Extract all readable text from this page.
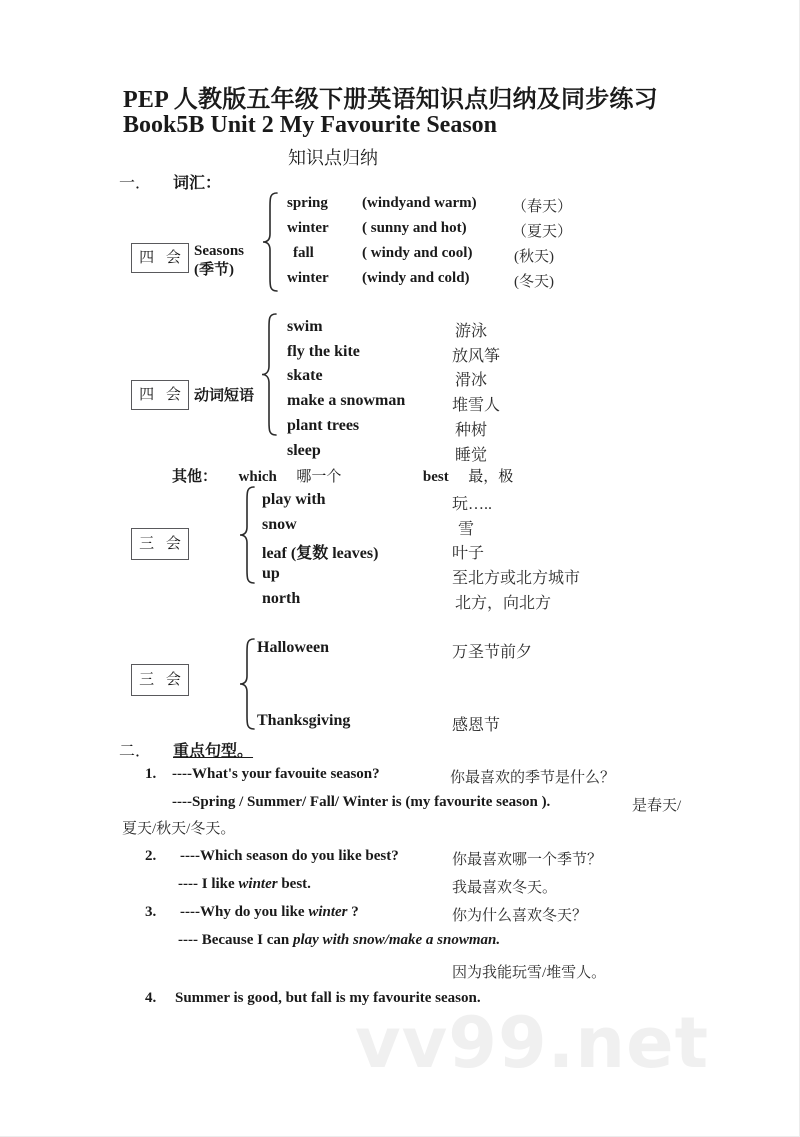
vv99.net
PEP 人教版五年级下册英语知识点归纳及同步练习
Book5B Unit 2 My Favourite Season
知识点归纳
一． 词汇：
四 会 Seasons
(季节)
spring (windyand warm) （春天）
winter ( sunny and hot)	（夏天）
fall	( windy and cool)	(秋天)
winter (windy and cold)	(冬天)
四 会 动词短语
swim	游泳
fly the kite	放风筝
skate	滑冰
make a snowman	堆雪人
plant trees	种树
sleep	睡觉
其他： which 哪一个	best 最，极
三 会
play with	玩…..
snow	雪
leaf (复数 leaves)	叶子
up	至北方或北方城市
north	北方，向北方
三 会
Halloween	万圣节前夕
Thanksgiving	感恩节
二． 重点句型。
1. ----What's your favouite season?	你最喜欢的季节是什么？
----Spring / Summer/ Fall/ Winter is (my favourite season ).	是春天/
夏天/秋天/冬天。
2. ----Which season do you like best?	你最喜欢哪一个季节？
---- I like winter best.	我最喜欢冬天。
3. ----Why do you like winter ?	你为什么喜欢冬天？
---- Because I can play with snow/make a snowman.
因为我能玩雪/堆雪人。
4. Summer is good, but fall is my favourite season.
